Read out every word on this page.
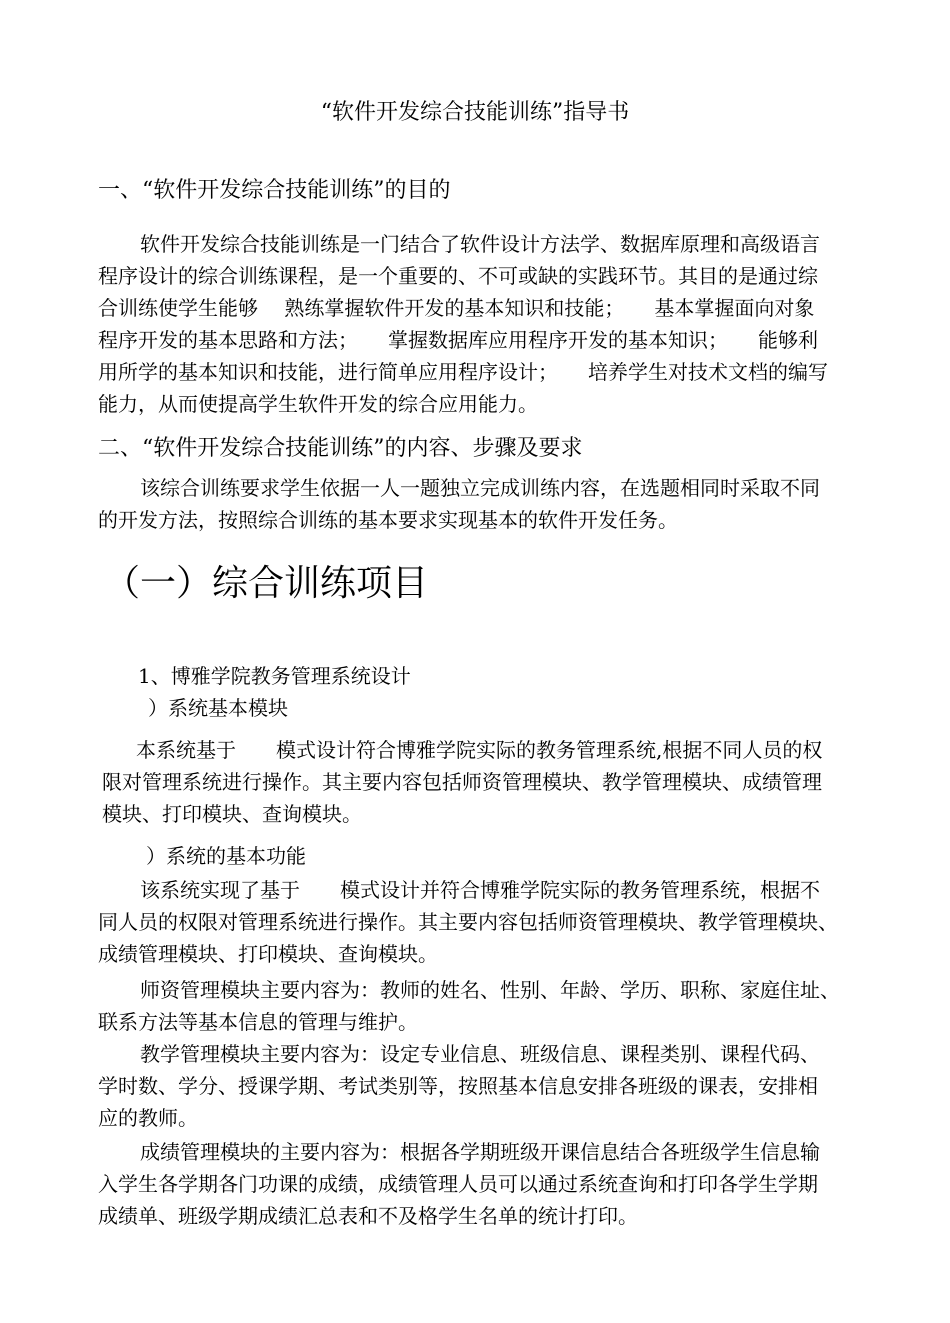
“软件开发综合技能训练”指导书
一、“软件开发综合技能训练”的目的
软件开发综合技能训练是一门结合了软件设计方法学、数据库原理和高级语言
程序设计的综合训练课程，是一个重要的、不可或缺的实践环节。其目的是通过综
合训练使学生能够　 熟练掌握软件开发的基本知识和技能；　　基本掌握面向对象
程序开发的基本思路和方法；　　掌握数据库应用程序开发的基本知识；　　能够利
用所学的基本知识和技能，进行简单应用程序设计；　　培养学生对技术文档的编写
能力，从而使提高学生软件开发的综合应用能力。
二、“软件开发综合技能训练”的内容、步骤及要求
该综合训练要求学生依据一人一题独立完成训练内容，在选题相同时采取不同
的开发方法，按照综合训练的基本要求实现基本的软件开发任务。
（一）综合训练项目
1、博雅学院教务管理系统设计
）系统基本模块
本系统基于　　模式设计符合博雅学院实际的教务管理系统,根据不同人员的权
限对管理系统进行操作。其主要内容包括师资管理模块、教学管理模块、成绩管理
模块、打印模块、查询模块。
）系统的基本功能
该系统实现了基于　　模式设计并符合博雅学院实际的教务管理系统，根据不
同人员的权限对管理系统进行操作。其主要内容包括师资管理模块、教学管理模块、
成绩管理模块、打印模块、查询模块。
师资管理模块主要内容为：教师的姓名、性别、年龄、学历、职称、家庭住址、
联系方法等基本信息的管理与维护。
教学管理模块主要内容为：设定专业信息、班级信息、课程类别、课程代码、
学时数、学分、授课学期、考试类别等，按照基本信息安排各班级的课表，安排相
应的教师。
成绩管理模块的主要内容为：根据各学期班级开课信息结合各班级学生信息输
入学生各学期各门功课的成绩，成绩管理人员可以通过系统查询和打印各学生学期
成绩单、班级学期成绩汇总表和不及格学生名单的统计打印。
